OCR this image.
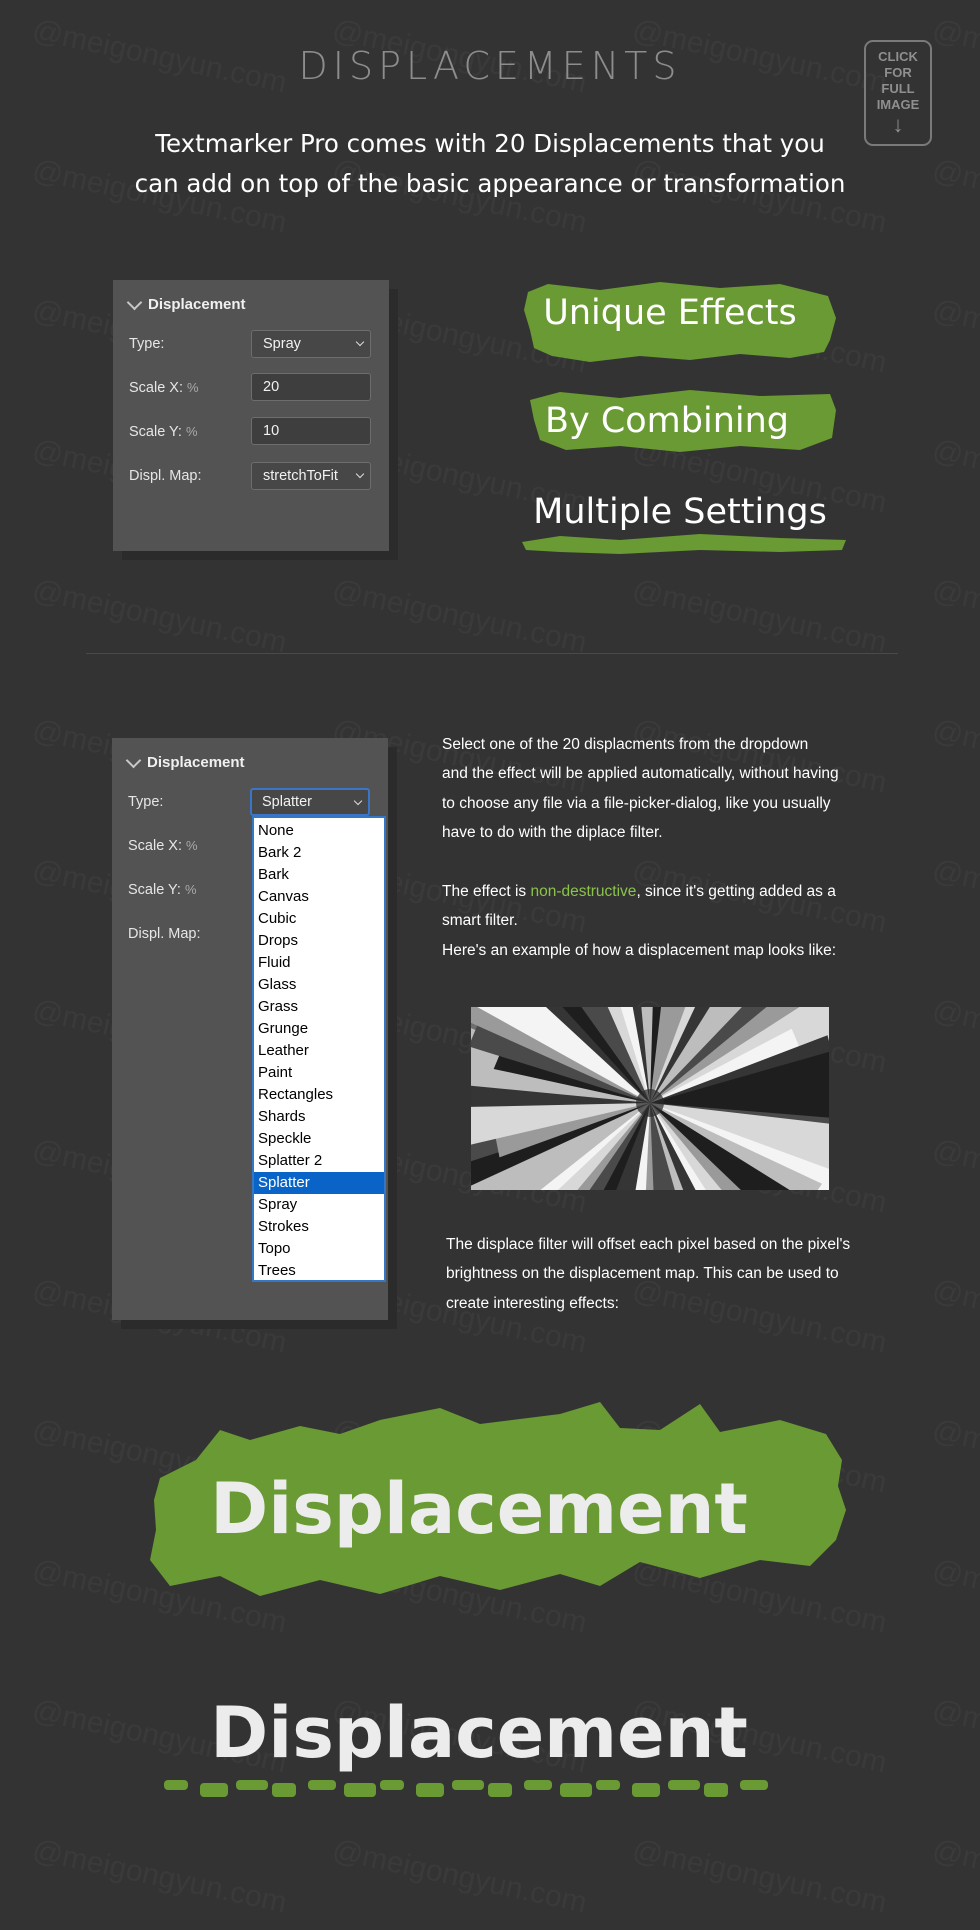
DISPLACEMENTS
Textmarker Pro comes with 20 Displacements that you
can add on top of the basic appearance or transformation
CLICK
FOR
FULL
IMAGE
↓
Displacement
Type:	Spray
Scale X: %	20
Scale Y: %	10
Displ. Map:	stretchToFit
Unique Effects
By Combining
Multiple Settings
Displacement
Type:	Splatter
Scale X: %
Scale Y: %
Displ. Map:
None
Bark 2
Bark
Canvas
Cubic
Drops
Fluid
Glass
Grass
Grunge
Leather
Paint
Rectangles
Shards
Speckle
Splatter 2
Splatter
Spray
Strokes
Topo
Trees
Select one of the 20 displacments from the dropdown
and the effect will be applied automatically, without having
to choose any file via a file-picker-dialog, like you usually
have to do with the diplace filter.
The effect is non-destructive, since it's getting added as a
smart filter.
Here's an example of how a displacement map looks like:
The displace filter will offset each pixel based on the pixel's
brightness on the displacement map. This can be used to
create interesting effects:
Displacement
Displacement
